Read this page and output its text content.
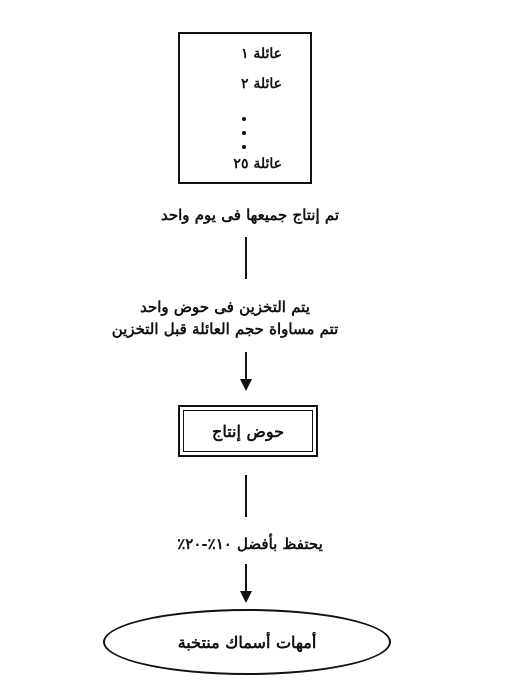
عائلة ١
عائلة ٢
عائلة ٢٥
تم إنتاج جميعها فى يوم واحد
يتم التخزين فى حوض واحد
تتم مساواة حجم العائلة قبل التخزين
حوض إنتاج
يحتفظ بأفضل ١٠٪-٢٠٪
أمهات أسماك منتخبة
